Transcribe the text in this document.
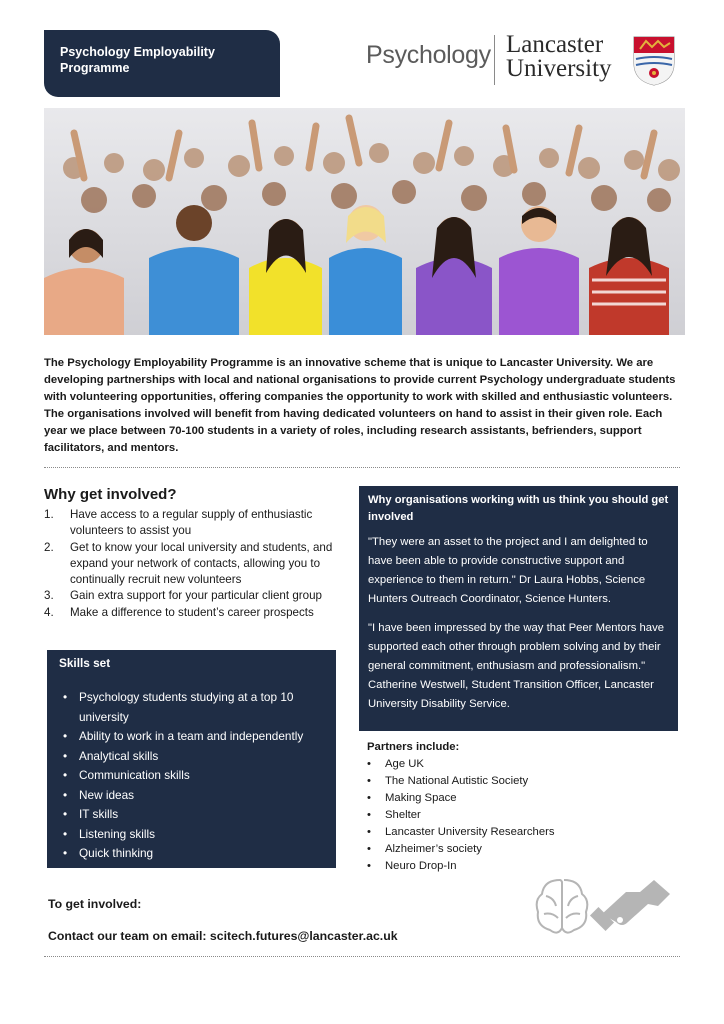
Psychology Employability
Programme	Psychology Lancaster
University

The Psychology Employability Programme is an innovative scheme that is unique to Lancaster University. We are developing partnerships with local and national organisations to provide current Psychology undergraduate students with volunteering opportunities, offering companies the opportunity to work with skilled and enthusiastic volunteers. The organisations involved will benefit from having dedicated volunteers on hand to assist in their given role. Each year we place between 70-100 students in a variety of roles, including research assistants, befrienders, support facilitators, and mentors.

Why get involved?
1.	Have access to a regular supply of enthusiastic volunteers to assist you
2.	Get to know your local university and students, and expand your network of contacts, allowing you to continually recruit new volunteers
3.	Gain extra support for your particular client group
4.	Make a difference to student’s career prospects
Skills set
•	Psychology students studying at a top 10 university
•	Ability to work in a team and independently
•	Analytical skills
•	Communication skills
•	New ideas
•	IT skills
•	Listening skills
•	Quick thinking
Why organisations working with us think you should get involved

"They were an asset to the project and I am delighted to have been able to provide constructive support and experience to them in return." Dr Laura Hobbs, Science Hunters Outreach Coordinator, Science Hunters.

"I have been impressed by the way that Peer Mentors have supported each other through problem solving and by their general commitment, enthusiasm and professionalism." Catherine Westwell, Student Transition Officer, Lancaster University Disability Service.

Partners include:
•	Age UK
•	The National Autistic Society
•	Making Space
•	Shelter
•	Lancaster University Researchers
•	Alzheimer’s society
•	Neuro Drop-In
To get involved:
Contact our team on email: scitech.futures@lancaster.ac.uk
